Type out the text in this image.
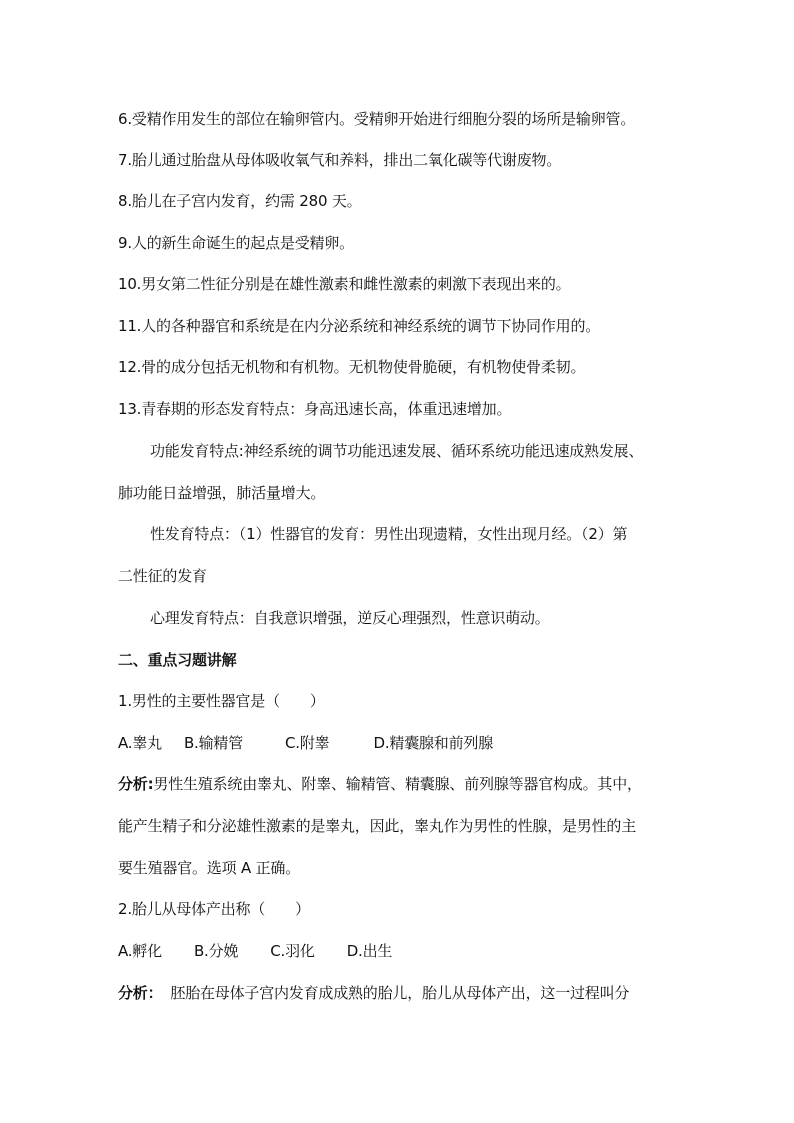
6.受精作用发生的部位在输卵管内。受精卵开始进行细胞分裂的场所是输卵管。
7.胎儿通过胎盘从母体吸收氧气和养料，排出二氧化碳等代谢废物。
8.胎儿在子宫内发育，约需 280 天。
9.人的新生命诞生的起点是受精卵。
10.男女第二性征分别是在雄性激素和雌性激素的刺激下表现出来的。
11.人的各种器官和系统是在内分泌系统和神经系统的调节下协同作用的。
12.骨的成分包括无机物和有机物。无机物使骨脆硬，有机物使骨柔韧。
13.青春期的形态发育特点：身高迅速长高，体重迅速增加。
功能发育特点:神经系统的调节功能迅速发展、循环系统功能迅速成熟发展、
肺功能日益增强，肺活量增大。
性发育特点：（1）性器官的发育：男性出现遗精，女性出现月经。（2）第
二性征的发育
心理发育特点：自我意识增强，逆反心理强烈，性意识萌动。
二、重点习题讲解
1.男性的主要性器官是（ ）
A.睾丸 B.输精管	C.附睾	D.精囊腺和前列腺
分析:男性生殖系统由睾丸、附睾、输精管、精囊腺、前列腺等器官构成。其中，
能产生精子和分泌雄性激素的是睾丸，因此，睾丸作为男性的性腺，是男性的主
要生殖器官。选项 A 正确。
2.胎儿从母体产出称（ ）
A.孵化 B.分娩 C.羽化 D.出生
分析： 胚胎在母体子宫内发育成成熟的胎儿，胎儿从母体产出，这一过程叫分
